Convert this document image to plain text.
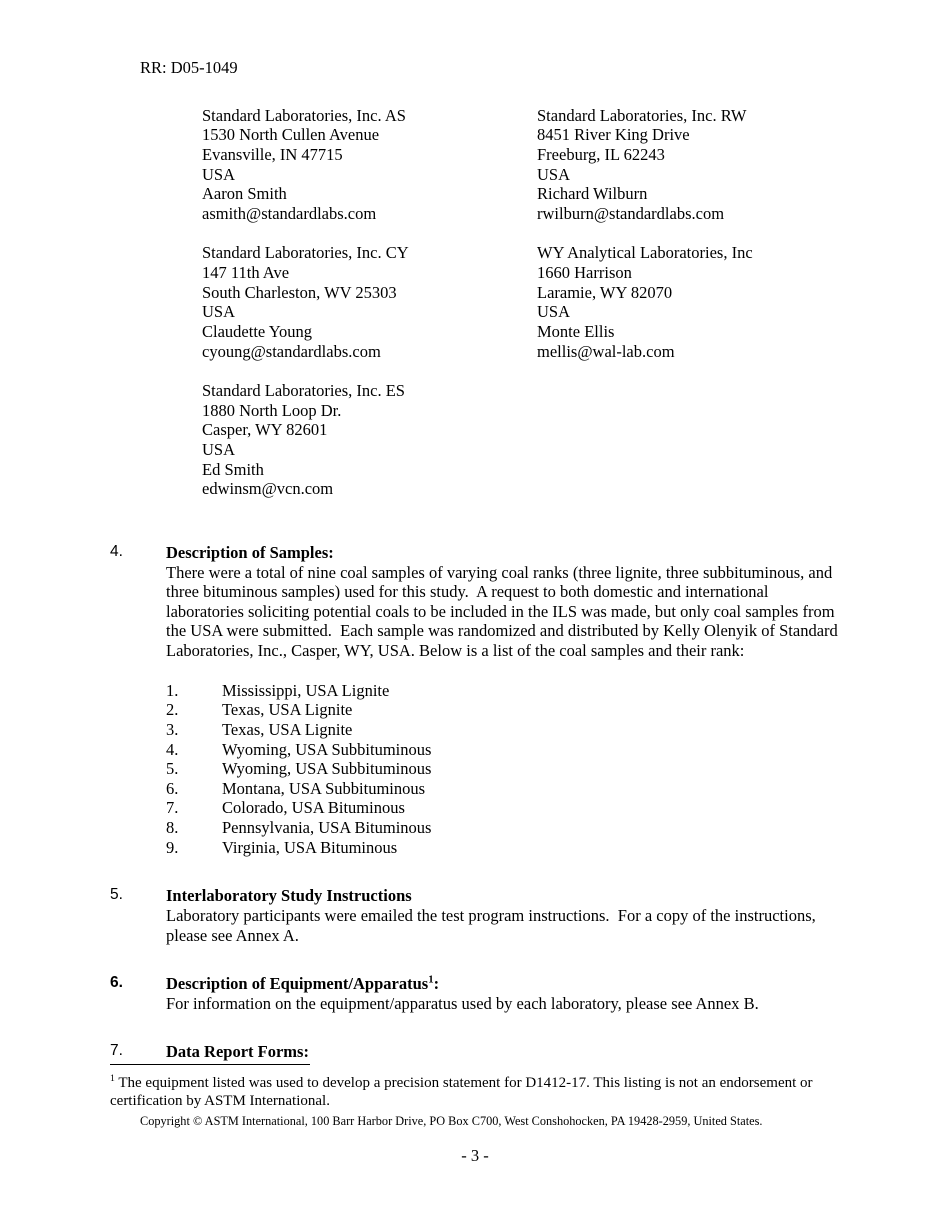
RR: D05-1049
Standard Laboratories, Inc. AS
1530 North Cullen Avenue
Evansville, IN 47715
USA
Aaron Smith
asmith@standardlabs.com
Standard Laboratories, Inc. RW
8451 River King Drive
Freeburg, IL 62243
USA
Richard Wilburn
rwilburn@standardlabs.com
Standard Laboratories, Inc. CY
147 11th Ave
South Charleston, WV 25303
USA
Claudette Young
cyoung@standardlabs.com
WY Analytical Laboratories, Inc
1660 Harrison
Laramie, WY 82070
USA
Monte Ellis
mellis@wal-lab.com
Standard Laboratories, Inc. ES
1880 North Loop Dr.
Casper, WY 82601
USA
Ed Smith
edwinsm@vcn.com
4.	Description of Samples:

There were a total of nine coal samples of varying coal ranks (three lignite, three subbituminous, and three bituminous samples) used for this study.  A request to both domestic and international laboratories soliciting potential coals to be included in the ILS was made, but only coal samples from the USA were submitted.  Each sample was randomized and distributed by Kelly Olenyik of Standard Laboratories, Inc., Casper, WY, USA. Below is a list of the coal samples and their rank:

1.	Mississippi, USA Lignite
2.	Texas, USA Lignite
3.	Texas, USA Lignite
4.	Wyoming, USA Subbituminous
5.	Wyoming, USA Subbituminous
6.	Montana, USA Subbituminous
7.	Colorado, USA Bituminous
8.	Pennsylvania, USA Bituminous
9.	Virginia, USA Bituminous
5.	Interlaboratory Study Instructions

Laboratory participants were emailed the test program instructions.  For a copy of the instructions, please see Annex A.

6.	Description of Equipment/Apparatus$^1$:

For information on the equipment/apparatus used by each laboratory, please see Annex B.

7.	Data Report Forms:

$^1$ The equipment listed was used to develop a precision statement for D1412-17. This listing is not an endorsement or certification by ASTM International.

Copyright © ASTM International, 100 Barr Harbor Drive, PO Box C700, West Conshohocken, PA 19428-2959, United States.

- 3 -
